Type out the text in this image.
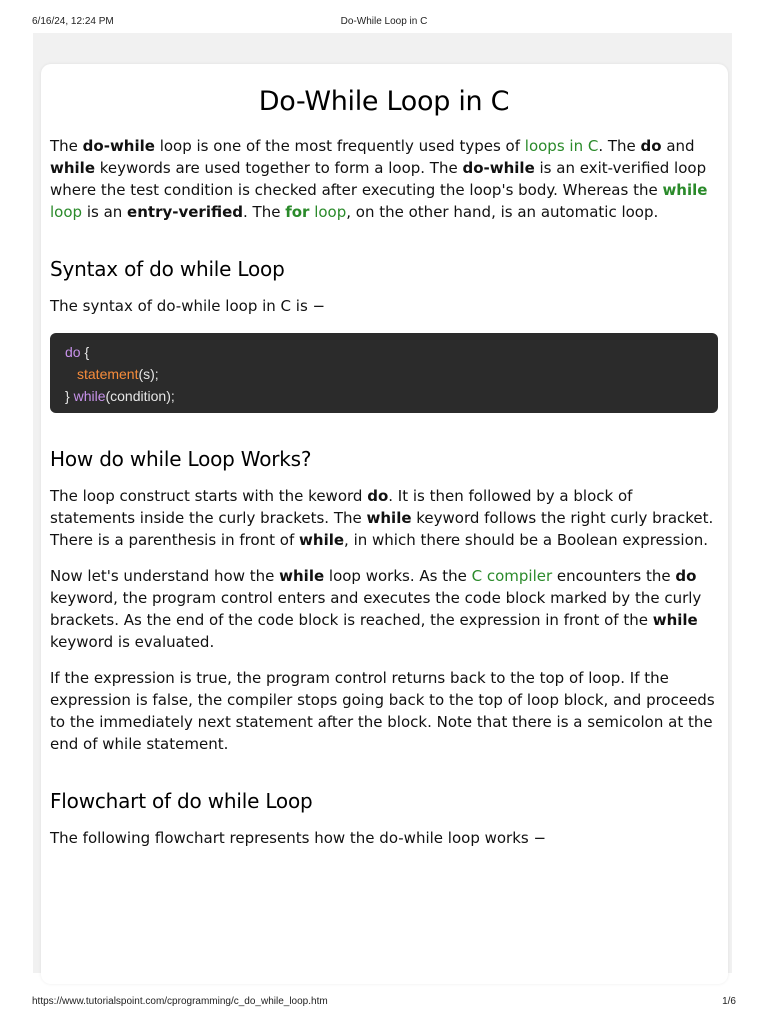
6/16/24, 12:24 PM	Do-While Loop in C
Do-While Loop in C

The do-while loop is one of the most frequently used types of loops in C. The do and while keywords are used together to form a loop. The do-while is an exit-verified loop where the test condition is checked after executing the loop's body. Whereas the while loop is an entry-verified. The for loop, on the other hand, is an automatic loop.

Syntax of do while Loop

The syntax of do-while loop in C is −

do {
statement(s);
} while(condition);
How do while Loop Works?

The loop construct starts with the keword do. It is then followed by a block of statements inside the curly brackets. The while keyword follows the right curly bracket. There is a parenthesis in front of while, in which there should be a Boolean expression.

Now let's understand how the while loop works. As the C compiler encounters the do keyword, the program control enters and executes the code block marked by the curly brackets. As the end of the code block is reached, the expression in front of the while keyword is evaluated.

If the expression is true, the program control returns back to the top of loop. If the expression is false, the compiler stops going back to the top of loop block, and proceeds to the immediately next statement after the block. Note that there is a semicolon at the end of while statement.

Flowchart of do while Loop

The following flowchart represents how the do-while loop works −

https://www.tutorialspoint.com/cprogramming/c_do_while_loop.htm	1/6
